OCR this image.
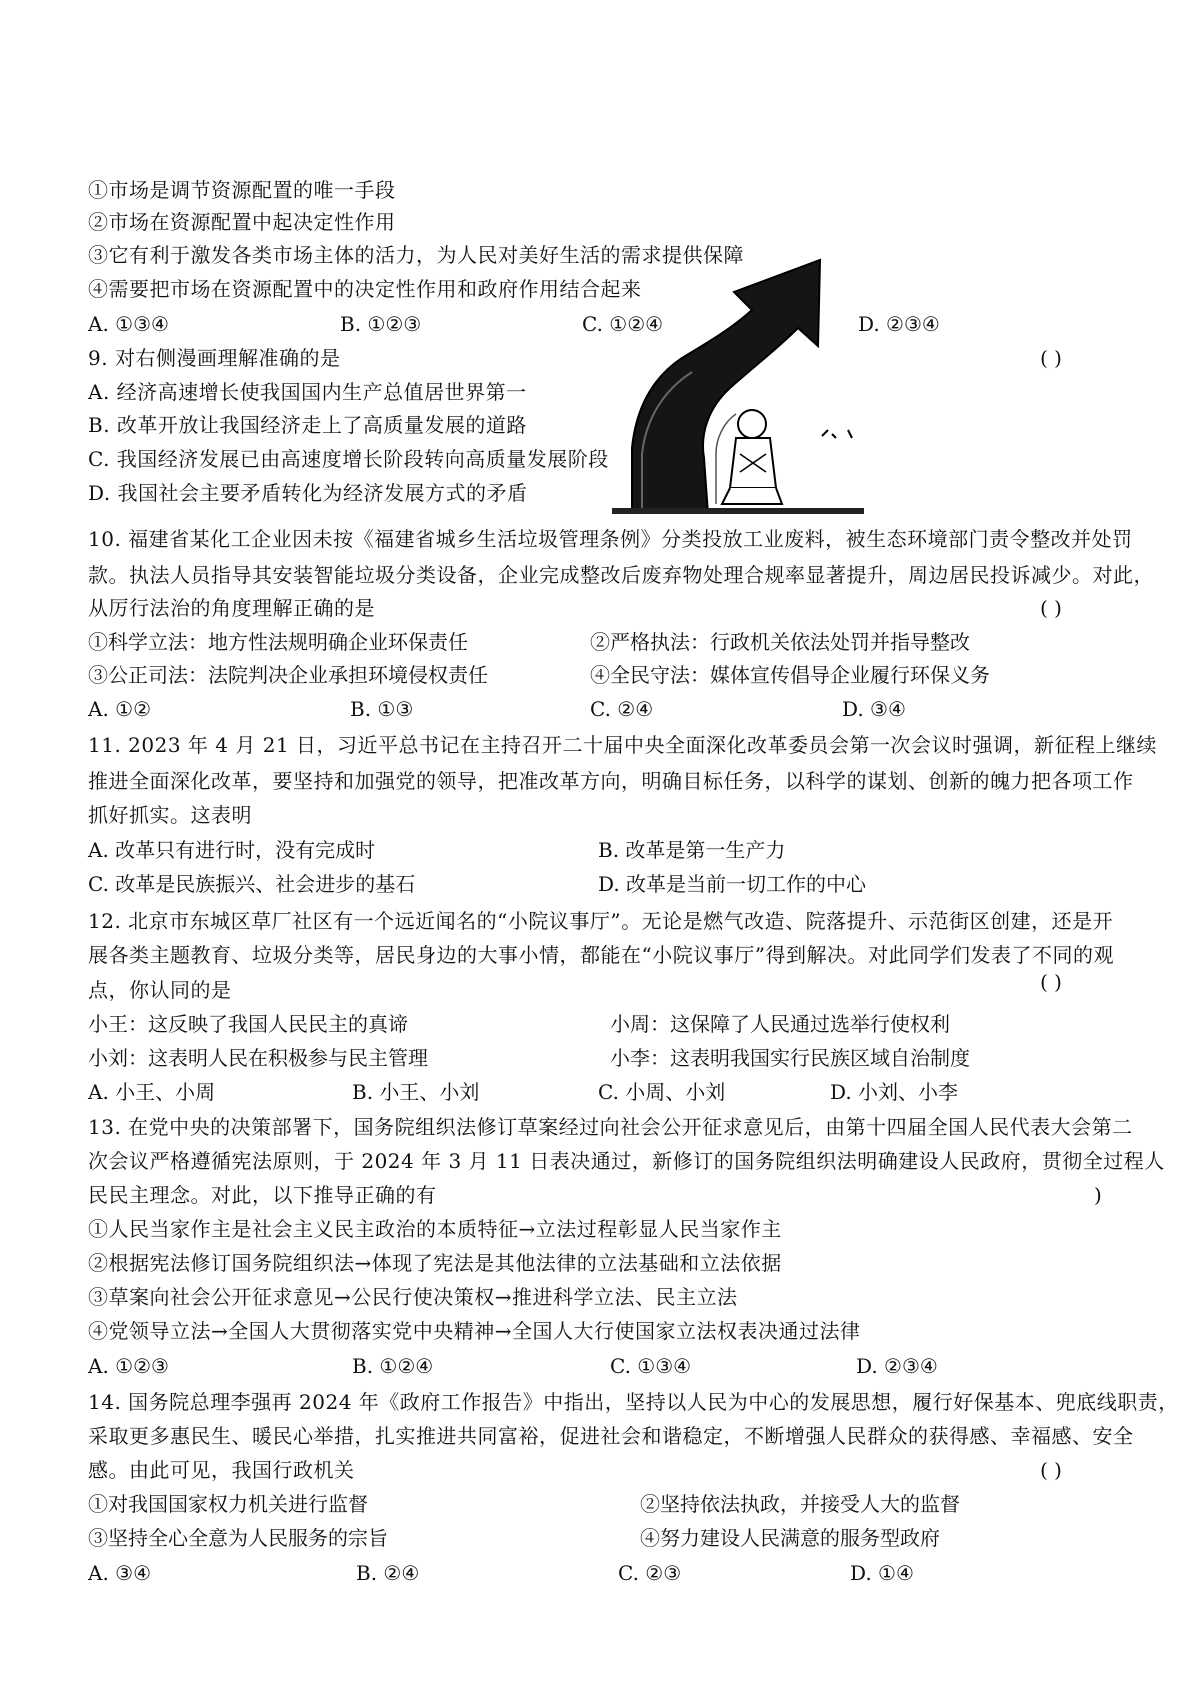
①市场是调节资源配置的唯一手段
②市场在资源配置中起决定性作用
③它有利于激发各类市场主体的活力，为人民对美好生活的需求提供保障
④需要把市场在资源配置中的决定性作用和政府作用结合起来
A. ①③④	B. ①②③	C. ①②④	D. ②③④
9. 对右侧漫画理解准确的是	( )
A. 经济高速增长使我国国内生产总值居世界第一
B. 改革开放让我国经济走上了高质量发展的道路
C. 我国经济发展已由高速度增长阶段转向高质量发展阶段
D. 我国社会主要矛盾转化为经济发展方式的矛盾
10. 福建省某化工企业因未按《福建省城乡生活垃圾管理条例》分类投放工业废料，被生态环境部门责令整改并处罚
款。执法人员指导其安装智能垃圾分类设备，企业完成整改后废弃物处理合规率显著提升，周边居民投诉减少。对此，
从厉行法治的角度理解正确的是	( )
①科学立法：地方性法规明确企业环保责任	②严格执法：行政机关依法处罚并指导整改
③公正司法：法院判决企业承担环境侵权责任	④全民守法：媒体宣传倡导企业履行环保义务
A. ①②	B. ①③	C. ②④	D. ③④
11. 2023 年 4 月 21 日，习近平总书记在主持召开二十届中央全面深化改革委员会第一次会议时强调，新征程上继续
推进全面深化改革，要坚持和加强党的领导，把准改革方向，明确目标任务，以科学的谋划、创新的魄力把各项工作
抓好抓实。这表明
A. 改革只有进行时，没有完成时	B. 改革是第一生产力
C. 改革是民族振兴、社会进步的基石	D. 改革是当前一切工作的中心
12. 北京市东城区草厂社区有一个远近闻名的“小院议事厅”。无论是燃气改造、院落提升、示范街区创建，还是开
展各类主题教育、垃圾分类等，居民身边的大事小情，都能在“小院议事厅”得到解决。对此同学们发表了不同的观
点，你认同的是	( )
小王：这反映了我国人民民主的真谛	小周：这保障了人民通过选举行使权利
小刘：这表明人民在积极参与民主管理	小李：这表明我国实行民族区域自治制度
A. 小王、小周	B. 小王、小刘	C. 小周、小刘	D. 小刘、小李
13. 在党中央的决策部署下，国务院组织法修订草案经过向社会公开征求意见后，由第十四届全国人民代表大会第二
次会议严格遵循宪法原则，于 2024 年 3 月 11 日表决通过，新修订的国务院组织法明确建设人民政府，贯彻全过程人
民民主理念。对此，以下推导正确的有	)
①人民当家作主是社会主义民主政治的本质特征→立法过程彰显人民当家作主
②根据宪法修订国务院组织法→体现了宪法是其他法律的立法基础和立法依据
③草案向社会公开征求意见→公民行使决策权→推进科学立法、民主立法
④党领导立法→全国人大贯彻落实党中央精神→全国人大行使国家立法权表决通过法律
A. ①②③	B. ①②④	C. ①③④	D. ②③④
14. 国务院总理李强再 2024 年《政府工作报告》中指出，坚持以人民为中心的发展思想，履行好保基本、兜底线职责，
采取更多惠民生、暖民心举措，扎实推进共同富裕，促进社会和谐稳定，不断增强人民群众的获得感、幸福感、安全
感。由此可见，我国行政机关	( )
①对我国国家权力机关进行监督	②坚持依法执政，并接受人大的监督
③坚持全心全意为人民服务的宗旨	④努力建设人民满意的服务型政府
A. ③④	B. ②④	C. ②③	D. ①④
